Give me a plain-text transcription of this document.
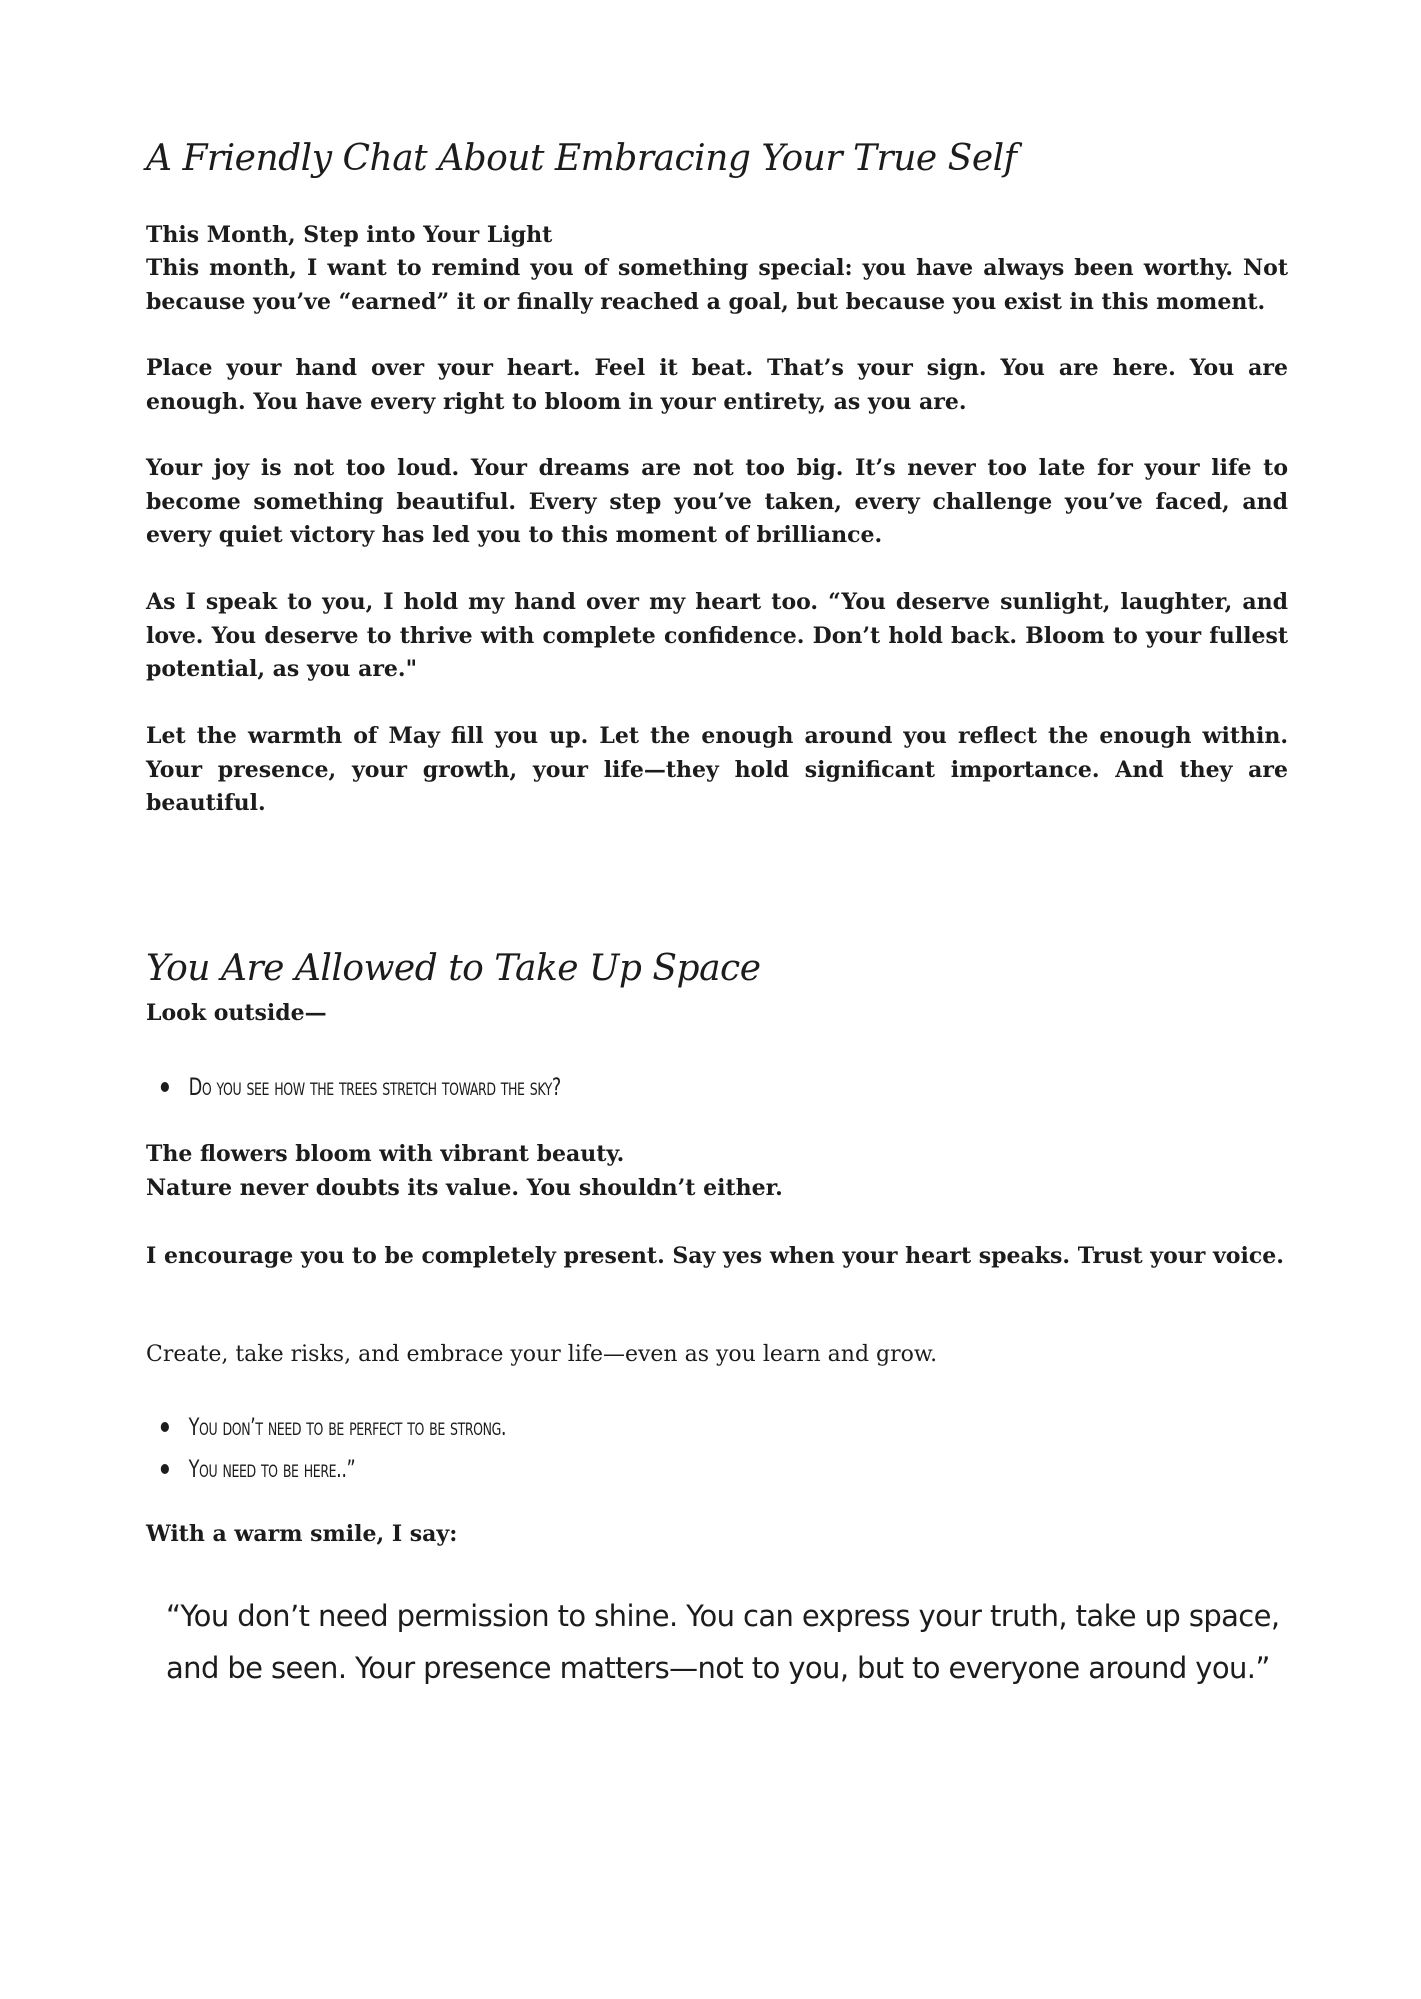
A Friendly Chat About Embracing Your True Self

This Month, Step into Your Light

This month, I want to remind you of something special: you have always been worthy. Not because you’ve “earned” it or finally reached a goal, but because you exist in this moment.

Place your hand over your heart. Feel it beat. That’s your sign. You are here. You are enough. You have every right to bloom in your entirety, as you are.

Your joy is not too loud. Your dreams are not too big. It’s never too late for your life to become something beautiful. Every step you’ve taken, every challenge you’ve faced, and every quiet victory has led you to this moment of brilliance.

As I speak to you, I hold my hand over my heart too. “You deserve sunlight, laughter, and love. You deserve to thrive with complete confidence. Don’t hold back. Bloom to your fullest potential, as you are."

Let the warmth of May fill you up. Let the enough around you reflect the enough within. Your presence, your growth, your life—they hold significant importance. And they are beautiful.

You Are Allowed to Take Up Space

Look outside—

Do you see how the trees stretch toward the sky?

The flowers bloom with vibrant beauty.

Nature never doubts its value. You shouldn’t either.

I encourage you to be completely present. Say yes when your heart speaks. Trust your voice.

Create, take risks, and embrace your life—even as you learn and grow.

You don’t need to be perfect to be strong.
You need to be here..”

With a warm smile, I say:

“You don’t need permission to shine. You can express your truth, take up space, and be seen. Your presence matters—not to you, but to everyone around you.”
